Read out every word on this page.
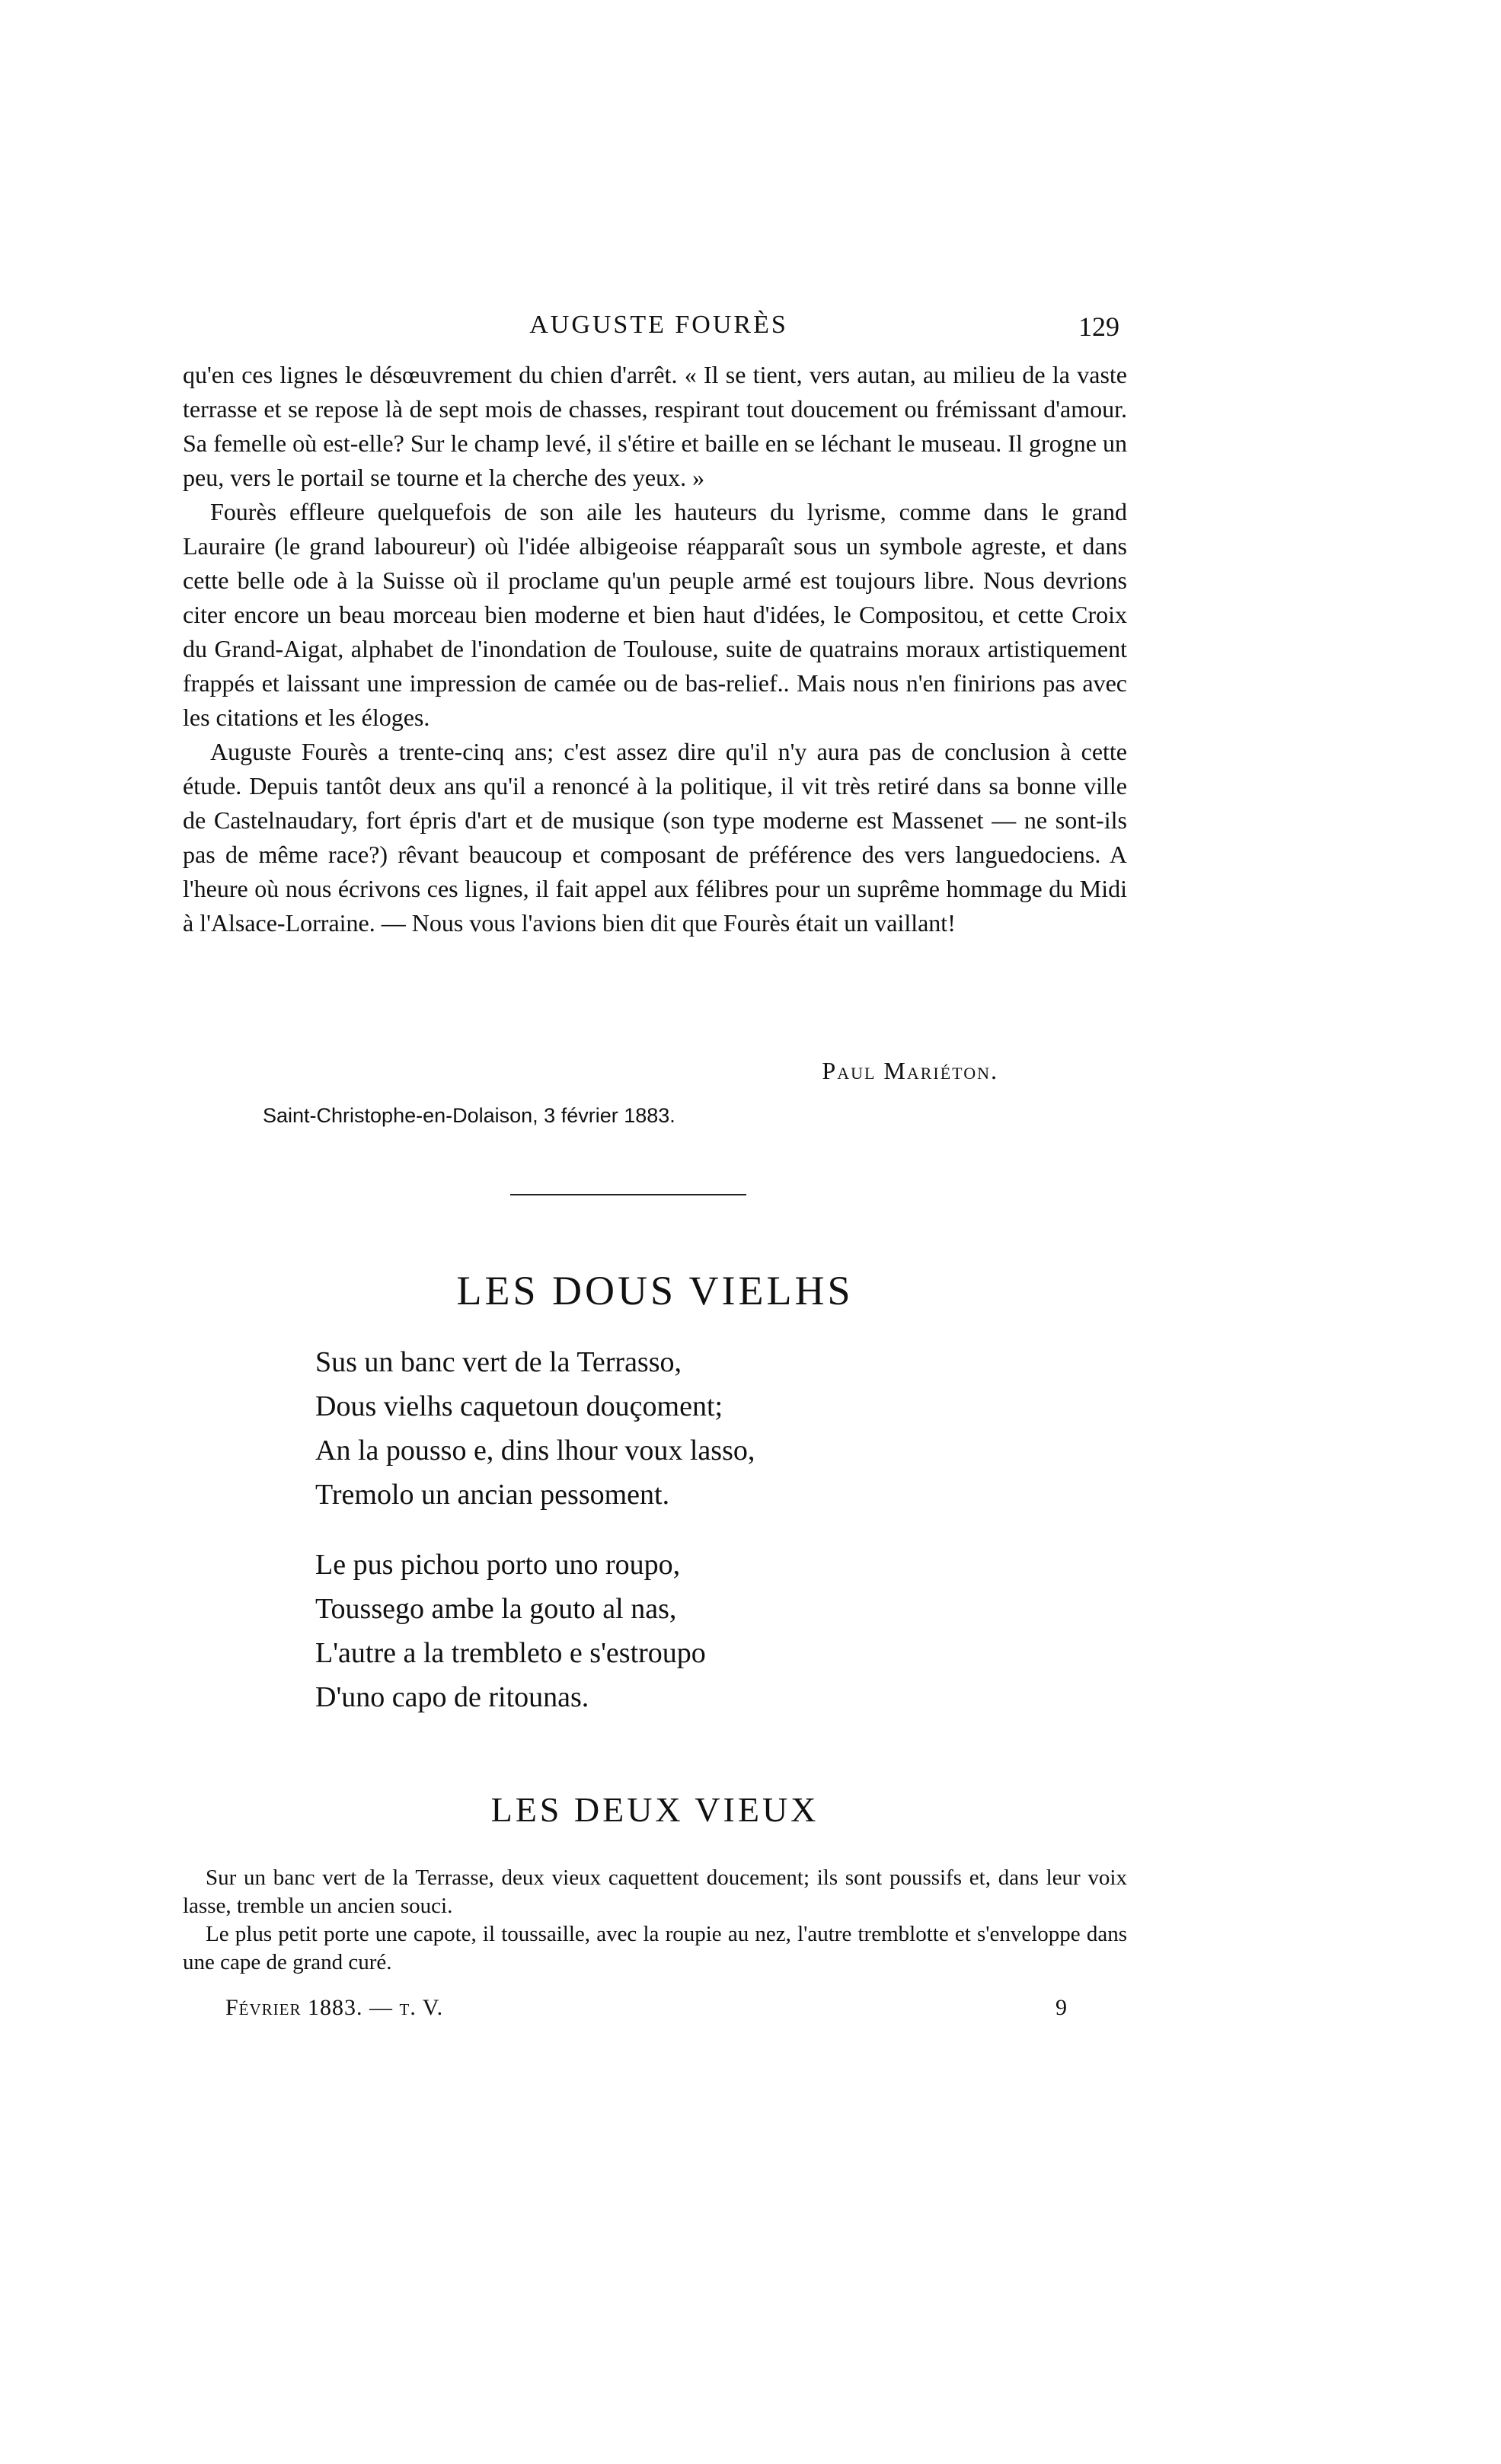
AUGUSTE FOURÈS	129

qu'en ces lignes le désœuvrement du chien d'arrêt. « Il se tient, vers autan, au milieu de la vaste terrasse et se repose là de sept mois de chasses, respirant tout doucement ou frémissant d'amour. Sa femelle où est-elle? Sur le champ levé, il s'étire et baille en se léchant le museau. Il grogne un peu, vers le portail se tourne et la cherche des yeux. »

Fourès effleure quelquefois de son aile les hauteurs du lyrisme, comme dans le grand Lauraire (le grand laboureur) où l'idée albigeoise réapparaît sous un symbole agreste, et dans cette belle ode à la Suisse où il proclame qu'un peuple armé est toujours libre. Nous devrions citer encore un beau morceau bien moderne et bien haut d'idées, le Compositou, et cette Croix du Grand-Aigat, alphabet de l'inondation de Toulouse, suite de quatrains moraux artistiquement frappés et laissant une impression de camée ou de bas-relief.. Mais nous n'en finirions pas avec les citations et les éloges.

Auguste Fourès a trente-cinq ans; c'est assez dire qu'il n'y aura pas de conclusion à cette étude. Depuis tantôt deux ans qu'il a renoncé à la politique, il vit très retiré dans sa bonne ville de Castelnaudary, fort épris d'art et de musique (son type moderne est Massenet — ne sont-ils pas de même race?) rêvant beaucoup et composant de préférence des vers languedociens. A l'heure où nous écrivons ces lignes, il fait appel aux félibres pour un suprême hommage du Midi à l'Alsace-Lorraine. — Nous vous l'avions bien dit que Fourès était un vaillant!

Paul Mariéton.
Saint-Christophe-en-Dolaison, 3 février 1883.
LES DOUS VIELHS
Sus un banc vert de la Terrasso,
Dous vielhs caquetoun douçoment;
An la pousso e, dins lhour voux lasso,
Tremolo un ancian pessoment.
Le pus pichou porto uno roupo,
Toussego ambe la gouto al nas,
L'autre a la trembleto e s'estroupo
D'uno capo de ritounas.
LES DEUX VIEUX

Sur un banc vert de la Terrasse, deux vieux caquettent doucement; ils sont poussifs et, dans leur voix lasse, tremble un ancien souci.

Le plus petit porte une capote, il toussaille, avec la roupie au nez, l'autre tremblotte et s'enveloppe dans une cape de grand curé.

Février 1883. — t. V.	9
